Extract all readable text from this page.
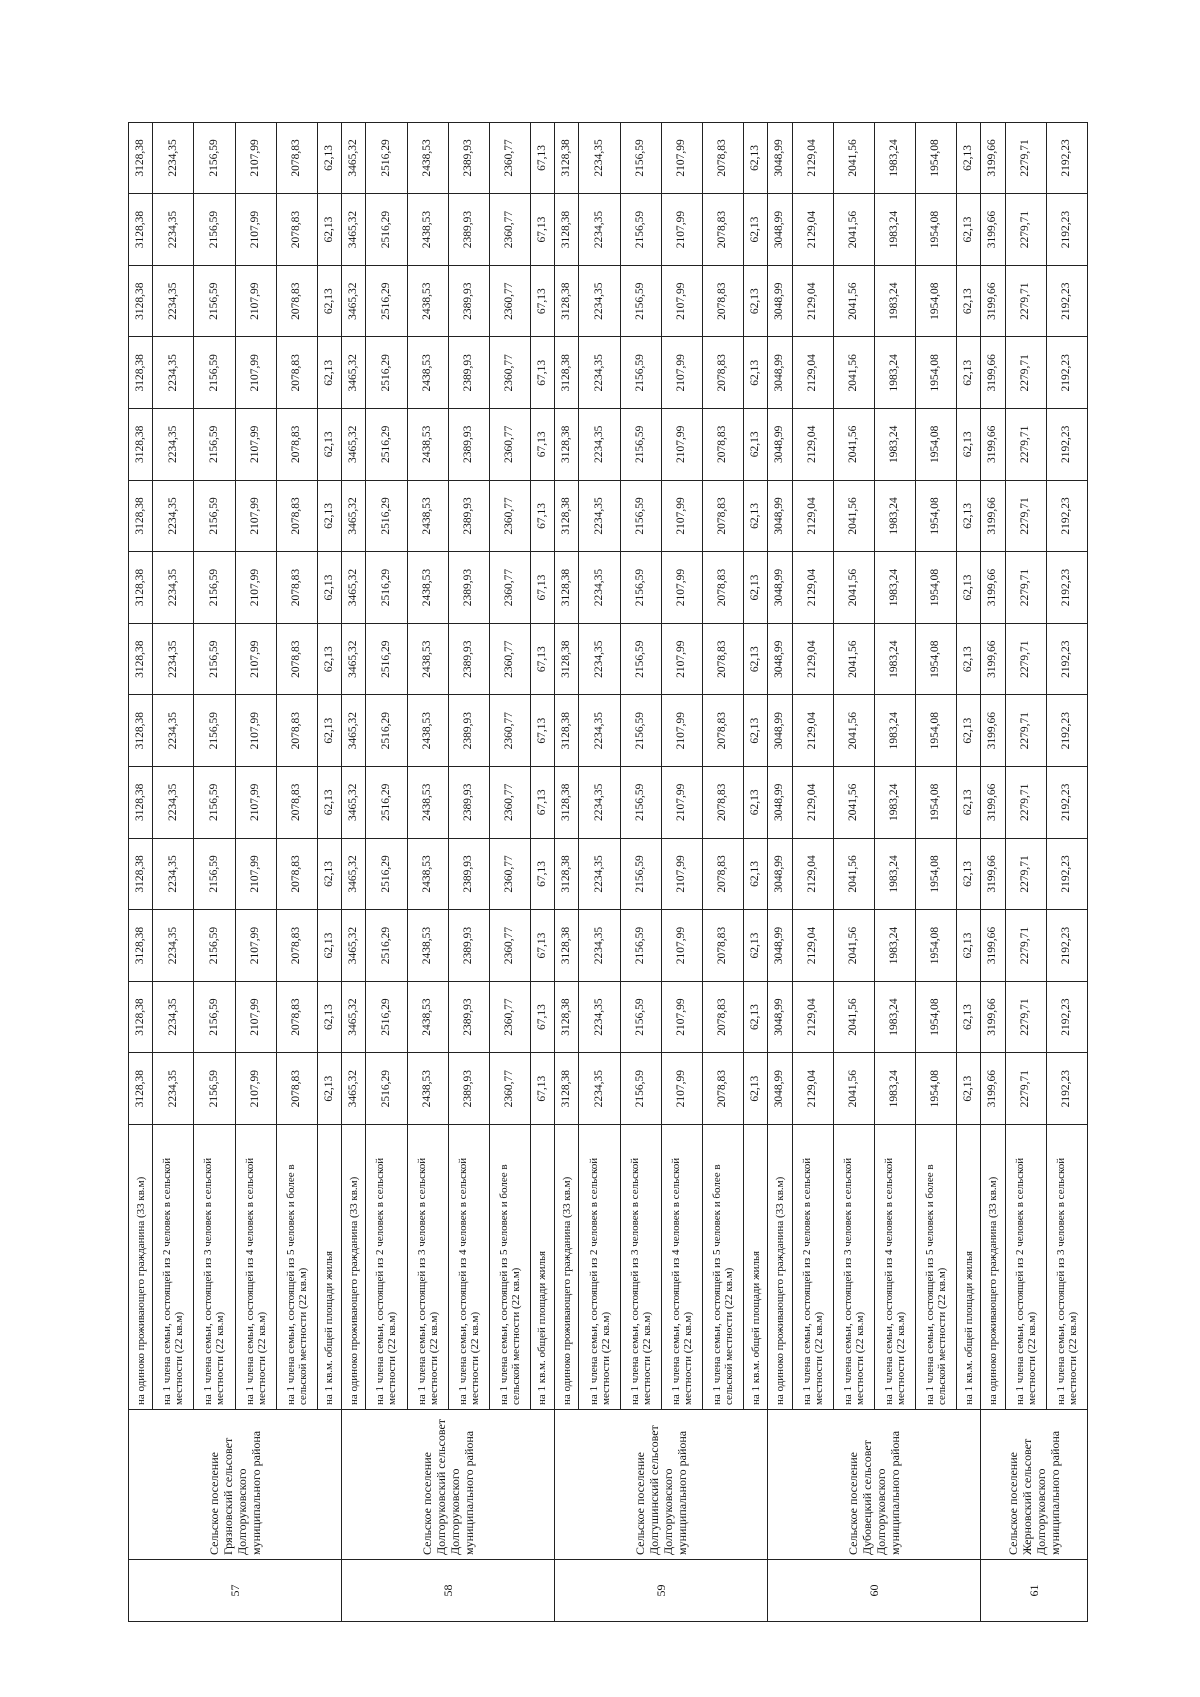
57	Сельское поселение Грязновский сельсовет Долгоруковского муниципального района	на одиноко проживающего гражданина (33 кв.м)	3128,38	3128,38	3128,38	3128,38	3128,38	3128,38	3128,38	3128,38	3128,38	3128,38	3128,38	3128,38	3128,38	3128,38
		на 1 члена семьи, состоящей из 2 человек в сельской местности (22 кв.м)	2234,35	2234,35	2234,35	2234,35	2234,35	2234,35	2234,35	2234,35	2234,35	2234,35	2234,35	2234,35	2234,35	2234,35
		на 1 члена семьи, состоящей из 3 человек в сельской местности (22 кв.м)	2156,59	2156,59	2156,59	2156,59	2156,59	2156,59	2156,59	2156,59	2156,59	2156,59	2156,59	2156,59	2156,59	2156,59
		на 1 члена семьи, состоящей из 4 человек в сельской местности (22 кв.м)	2107,99	2107,99	2107,99	2107,99	2107,99	2107,99	2107,99	2107,99	2107,99	2107,99	2107,99	2107,99	2107,99	2107,99
		на 1 члена семьи, состоящей из 5 человек и более в сельской местности (22 кв.м)	2078,83	2078,83	2078,83	2078,83	2078,83	2078,83	2078,83	2078,83	2078,83	2078,83	2078,83	2078,83	2078,83	2078,83
		на 1 кв.м. общей площади жилья	62,13	62,13	62,13	62,13	62,13	62,13	62,13	62,13	62,13	62,13	62,13	62,13	62,13	62,13
58	Сельское поселение Долгоруковский сельсовет Долгоруковского муниципального района	на одиноко проживающего гражданина (33 кв.м)	3465,32	3465,32	3465,32	3465,32	3465,32	3465,32	3465,32	3465,32	3465,32	3465,32	3465,32	3465,32	3465,32	3465,32
		на 1 члена семьи, состоящей из 2 человек в сельской местности (22 кв.м)	2516,29	2516,29	2516,29	2516,29	2516,29	2516,29	2516,29	2516,29	2516,29	2516,29	2516,29	2516,29	2516,29	2516,29
		на 1 члена семьи, состоящей из 3 человек в сельской местности (22 кв.м)	2438,53	2438,53	2438,53	2438,53	2438,53	2438,53	2438,53	2438,53	2438,53	2438,53	2438,53	2438,53	2438,53	2438,53
		на 1 члена семьи, состоящей из 4 человек в сельской местности (22 кв.м)	2389,93	2389,93	2389,93	2389,93	2389,93	2389,93	2389,93	2389,93	2389,93	2389,93	2389,93	2389,93	2389,93	2389,93
		на 1 члена семьи, состоящей из 5 человек и более в сельской местности (22 кв.м)	2360,77	2360,77	2360,77	2360,77	2360,77	2360,77	2360,77	2360,77	2360,77	2360,77	2360,77	2360,77	2360,77	2360,77
		на 1 кв.м. общей площади жилья	67,13	67,13	67,13	67,13	67,13	67,13	67,13	67,13	67,13	67,13	67,13	67,13	67,13	67,13
59	Сельское поселение Долгушинский сельсовет Долгоруковского муниципального района	на одиноко проживающего гражданина (33 кв.м)	3128,38	3128,38	3128,38	3128,38	3128,38	3128,38	3128,38	3128,38	3128,38	3128,38	3128,38	3128,38	3128,38	3128,38
		на 1 члена семьи, состоящей из 2 человек в сельской местности (22 кв.м)	2234,35	2234,35	2234,35	2234,35	2234,35	2234,35	2234,35	2234,35	2234,35	2234,35	2234,35	2234,35	2234,35	2234,35
		на 1 члена семьи, состоящей из 3 человек в сельской местности (22 кв.м)	2156,59	2156,59	2156,59	2156,59	2156,59	2156,59	2156,59	2156,59	2156,59	2156,59	2156,59	2156,59	2156,59	2156,59
		на 1 члена семьи, состоящей из 4 человек в сельской местности (22 кв.м)	2107,99	2107,99	2107,99	2107,99	2107,99	2107,99	2107,99	2107,99	2107,99	2107,99	2107,99	2107,99	2107,99	2107,99
		на 1 члена семьи, состоящей из 5 человек и более в сельской местности (22 кв.м)	2078,83	2078,83	2078,83	2078,83	2078,83	2078,83	2078,83	2078,83	2078,83	2078,83	2078,83	2078,83	2078,83	2078,83
		на 1 кв.м. общей площади жилья	62,13	62,13	62,13	62,13	62,13	62,13	62,13	62,13	62,13	62,13	62,13	62,13	62,13	62,13
60	Сельское поселение Дубовецкий сельсовет Долгоруковского муниципального района	на одиноко проживающего гражданина (33 кв.м)	3048,99	3048,99	3048,99	3048,99	3048,99	3048,99	3048,99	3048,99	3048,99	3048,99	3048,99	3048,99	3048,99	3048,99
		на 1 члена семьи, состоящей из 2 человек в сельской местности (22 кв.м)	2129,04	2129,04	2129,04	2129,04	2129,04	2129,04	2129,04	2129,04	2129,04	2129,04	2129,04	2129,04	2129,04	2129,04
		на 1 члена семьи, состоящей из 3 человек в сельской местности (22 кв.м)	2041,56	2041,56	2041,56	2041,56	2041,56	2041,56	2041,56	2041,56	2041,56	2041,56	2041,56	2041,56	2041,56	2041,56
		на 1 члена семьи, состоящей из 4 человек в сельской местности (22 кв.м)	1983,24	1983,24	1983,24	1983,24	1983,24	1983,24	1983,24	1983,24	1983,24	1983,24	1983,24	1983,24	1983,24	1983,24
		на 1 члена семьи, состоящей из 5 человек и более в сельской местности (22 кв.м)	1954,08	1954,08	1954,08	1954,08	1954,08	1954,08	1954,08	1954,08	1954,08	1954,08	1954,08	1954,08	1954,08	1954,08
		на 1 кв.м. общей площади жилья	62,13	62,13	62,13	62,13	62,13	62,13	62,13	62,13	62,13	62,13	62,13	62,13	62,13	62,13
61	Сельское поселение Жерновский сельсовет Долгоруковского муниципального района	на одиноко проживающего гражданина (33 кв.м)	3199,66	3199,66	3199,66	3199,66	3199,66	3199,66	3199,66	3199,66	3199,66	3199,66	3199,66	3199,66	3199,66	3199,66
		на 1 члена семьи, состоящей из 2 человек в сельской местности (22 кв.м)	2279,71	2279,71	2279,71	2279,71	2279,71	2279,71	2279,71	2279,71	2279,71	2279,71	2279,71	2279,71	2279,71	2279,71
		на 1 члена семьи, состоящей из 3 человек в сельской местности (22 кв.м)	2192,23	2192,23	2192,23	2192,23	2192,23	2192,23	2192,23	2192,23	2192,23	2192,23	2192,23	2192,23	2192,23	2192,23
